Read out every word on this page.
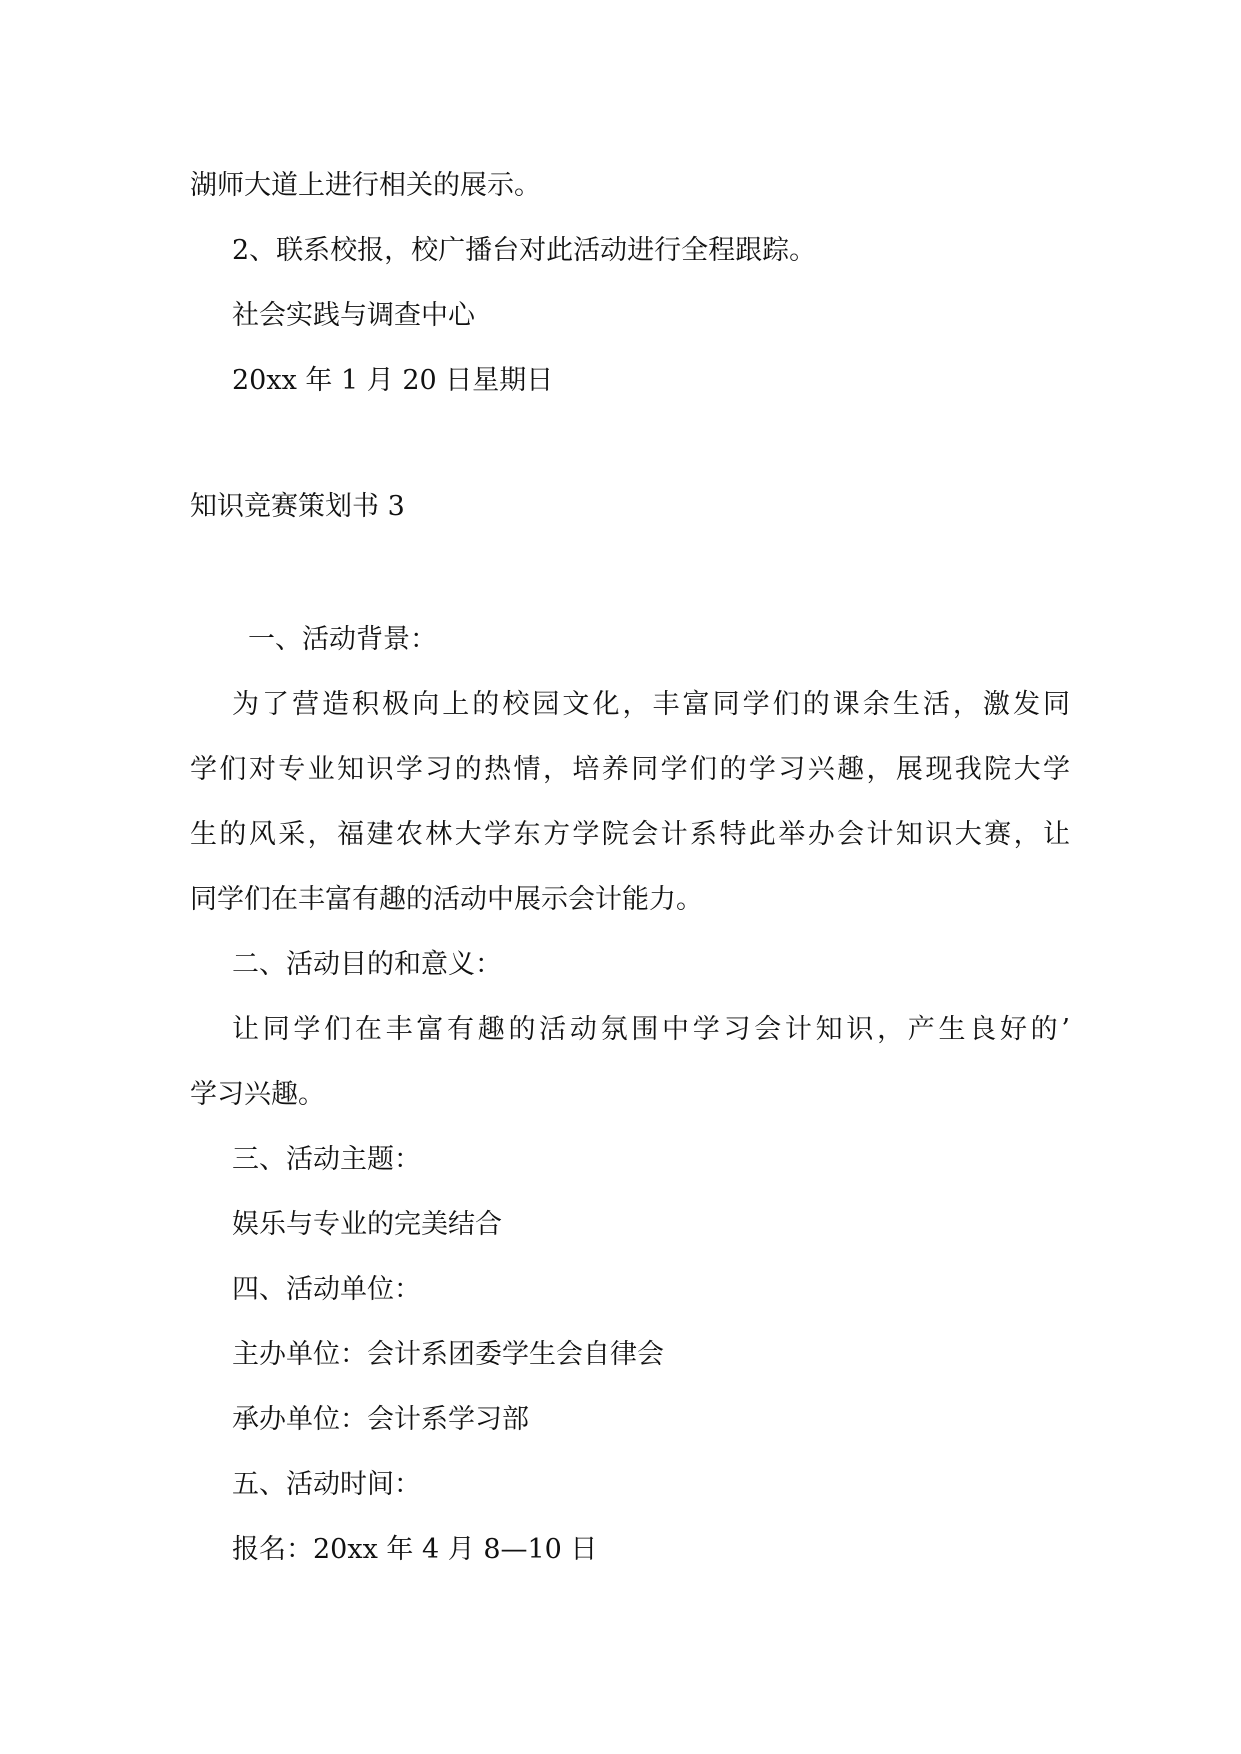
湖师大道上进行相关的展示。
2、联系校报，校广播台对此活动进行全程跟踪。
社会实践与调查中心
20xx 年 1 月 20 日星期日
知识竞赛策划书 3
一、活动背景：
为了营造积极向上的校园文化，丰富同学们的课余生活，激发同
学们对专业知识学习的热情，培养同学们的学习兴趣，展现我院大学
生的风采，福建农林大学东方学院会计系特此举办会计知识大赛，让
同学们在丰富有趣的活动中展示会计能力。
二、活动目的和意义：
让同学们在丰富有趣的活动氛围中学习会计知识，产生良好的’
学习兴趣。
三、活动主题：
娱乐与专业的完美结合
四、活动单位：
主办单位：会计系团委学生会自律会
承办单位：会计系学习部
五、活动时间：
报名：20xx 年 4 月 8—10 日
